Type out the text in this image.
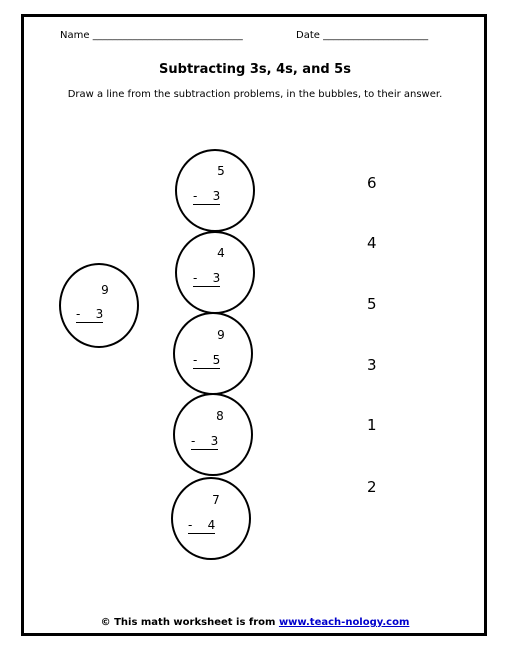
Name ______________________________	Date _____________________
Subtracting 3s, 4s, and 5s
Draw a line from the subtraction problems, in the bubbles, to their answer.
9
-    3
5
-    3
4
-    3
9
-    5
8
-    3
7
-    4
6
4
5
3
1
2
© This math worksheet is from www.teach-nology.com
